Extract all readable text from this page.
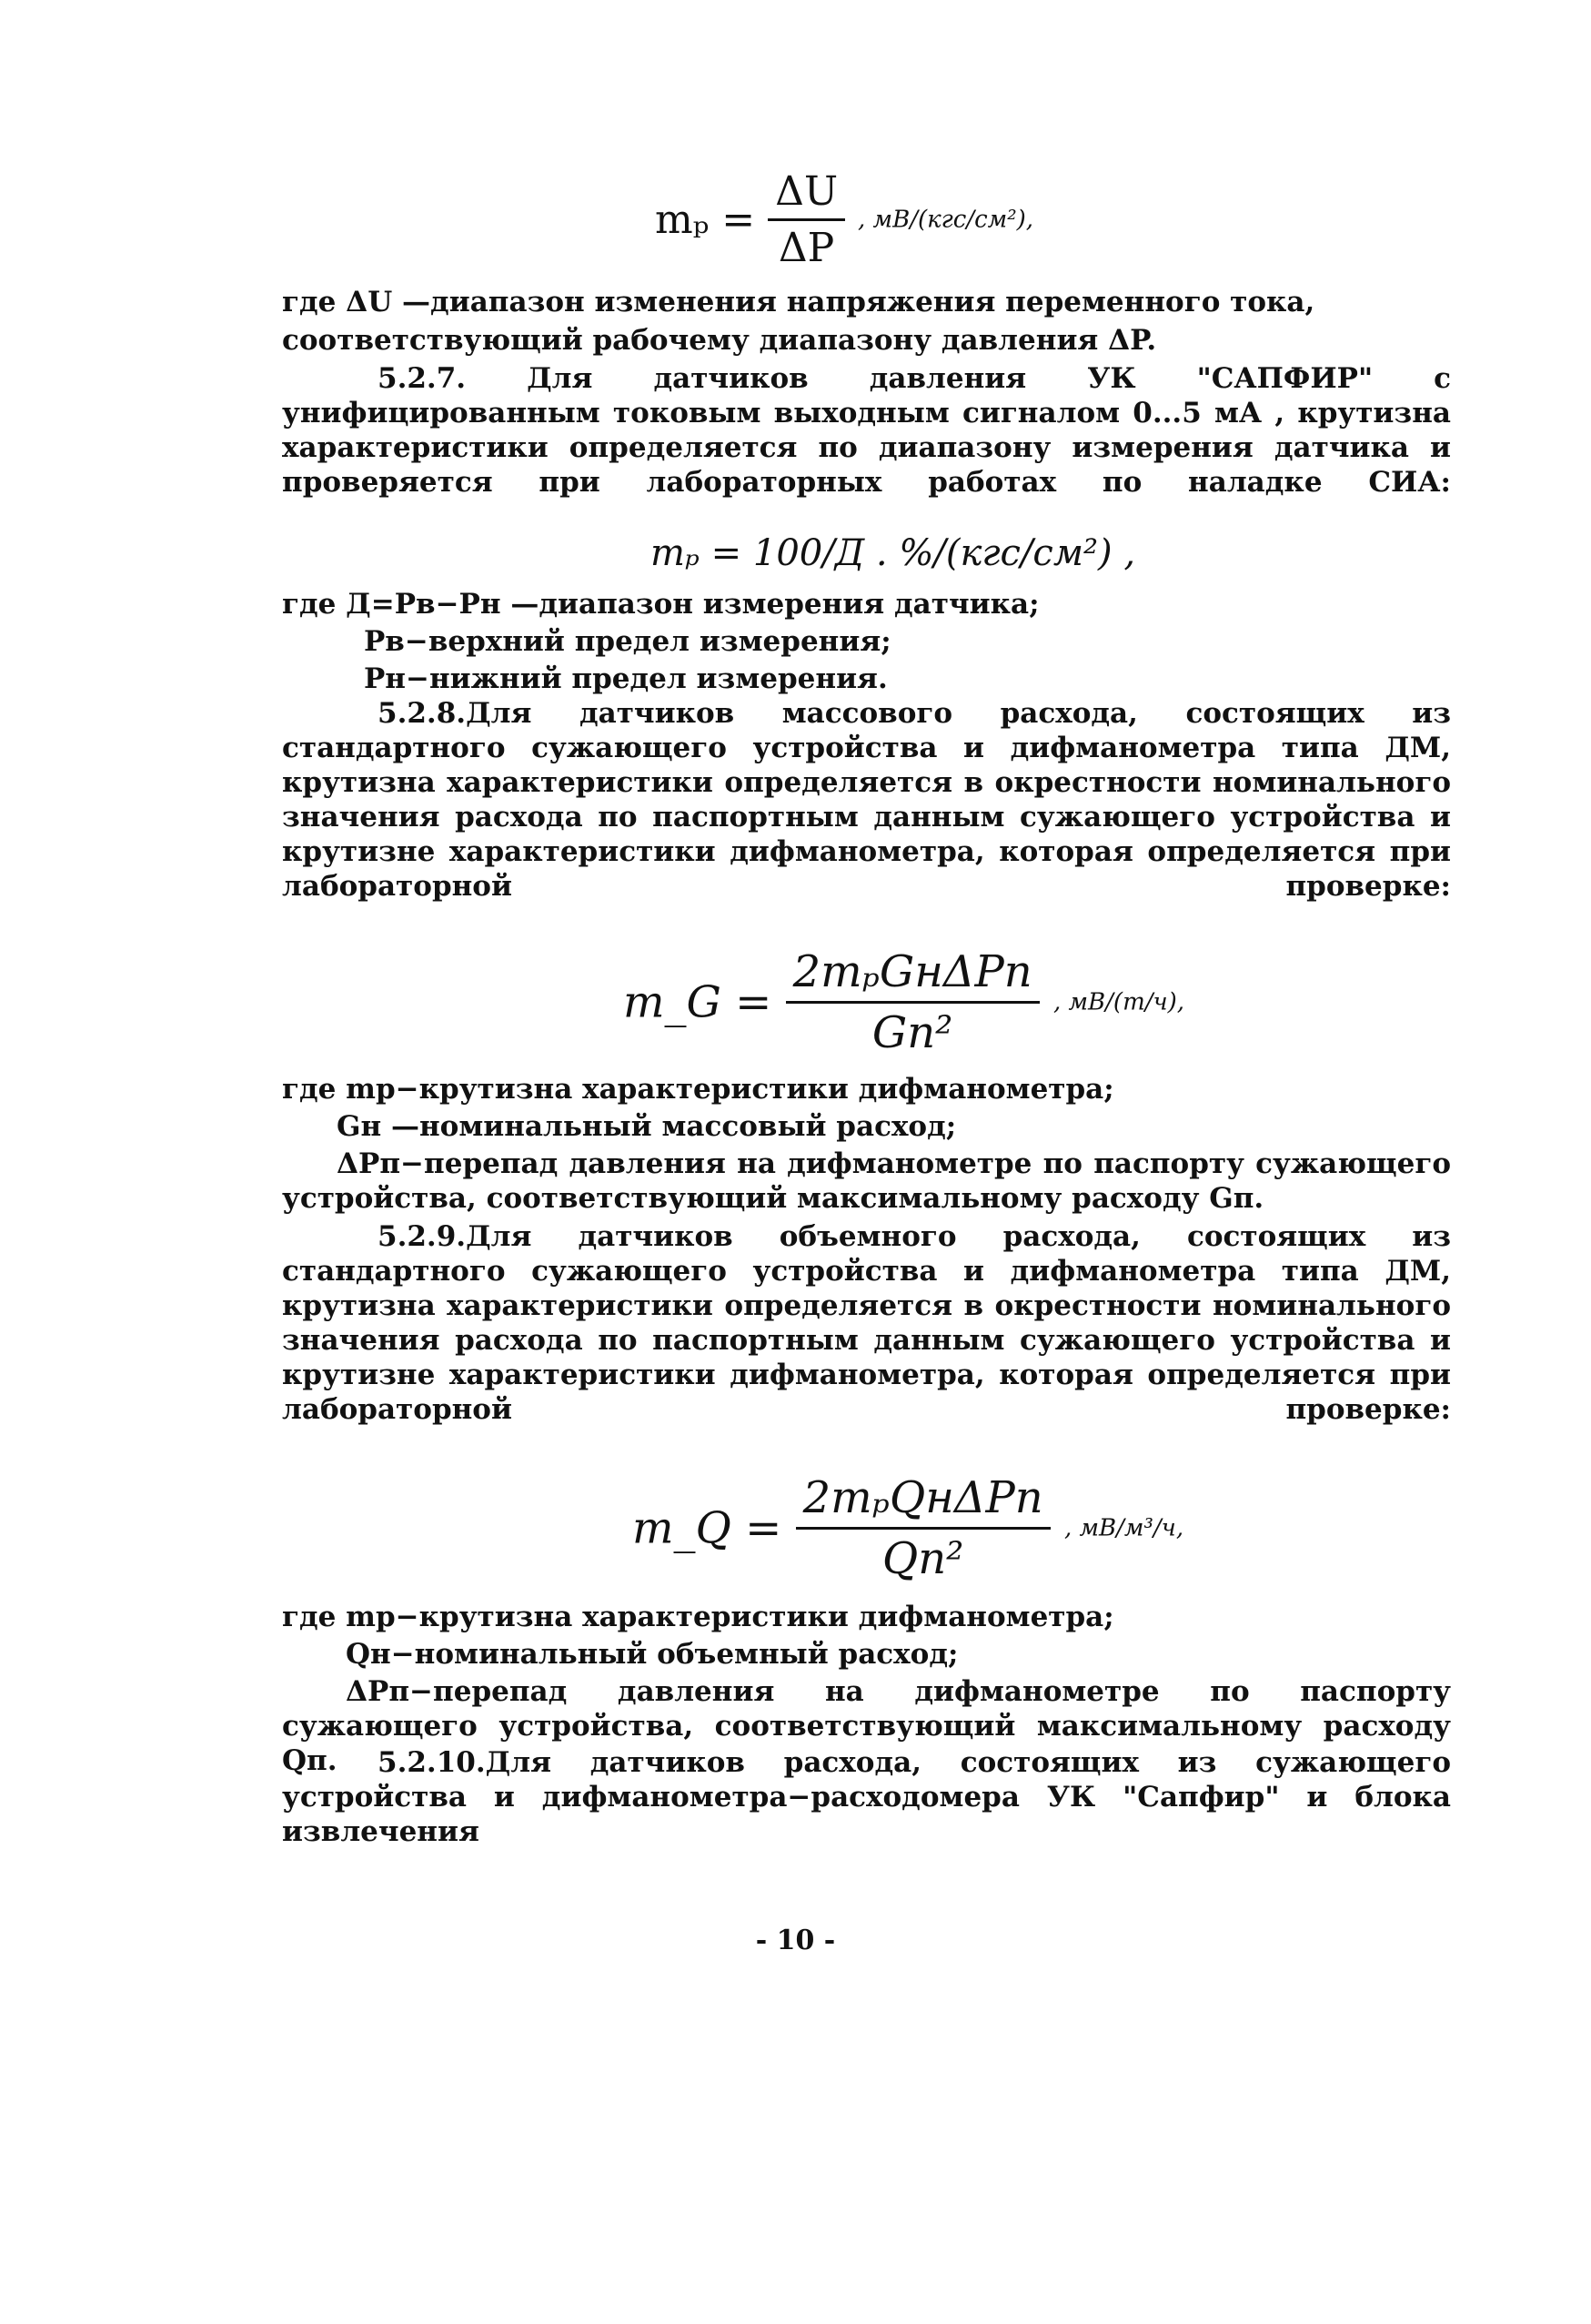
$m_p = \frac{\Delta U}{\Delta P}$ , мВ/(кгс/см²),
где ΔU —диапазон изменения напряжения переменного тока,
соответствующий рабочему диапазону давления ΔP.
5.2.7. Для датчиков давления УК "САПФИР" с унифицированным токовым выходным сигналом 0...5 мА , крутизна характеристики определяется по диапазону измерения датчика и проверяется при лабораторных работах по наладке СИА:
mₚ = 100/Д . %/(кгс/см²) ,
где Д=Pв−Pн —диапазон измерения датчика;
Pв−верхний предел измерения;
Pн−нижний предел измерения.
5.2.8.Для датчиков массового расхода, состоящих из стандартного сужающего устройства и дифманометра типа ДМ, крутизна характеристики определяется в окрестности номинального значения расхода по паспортным данным сужающего устройства и крутизне характеристики дифманометра, которая определяется при лабораторной проверке:
m_G = $\frac{\text{2mₚGнΔPп}}{\text{Gп²}}$ , мВ/(т/ч),
где mр−крутизна характеристики дифманометра;
Gн —номинальный массовый расход;
ΔPп−перепад давления на дифманометре по паспорту сужающего устройства, соответствующий максимальному расходу Gп.
5.2.9.Для датчиков объемного расхода, состоящих из стандартного сужающего устройства и дифманометра типа ДМ, крутизна характеристики определяется в окрестности номинального значения расхода по паспортным данным сужающего устройства и крутизне характеристики дифманометра, которая определяется при лабораторной проверке:
m_Q = $\frac{\text{2mₚQнΔPп}}{\text{Qп²}}$ , мВ/м³/ч,
где mр−крутизна характеристики дифманометра;
Qн−номинальный объемный расход;
ΔPп−перепад давления на дифманометре по паспорту сужающего устройства, соответствующий максимальному расходу Qп.	5.2.10.Для датчиков расхода, состоящих из сужающего устройства и дифманометра−расходомера УК "Сапфир" и блока извлечения
- 10 -
